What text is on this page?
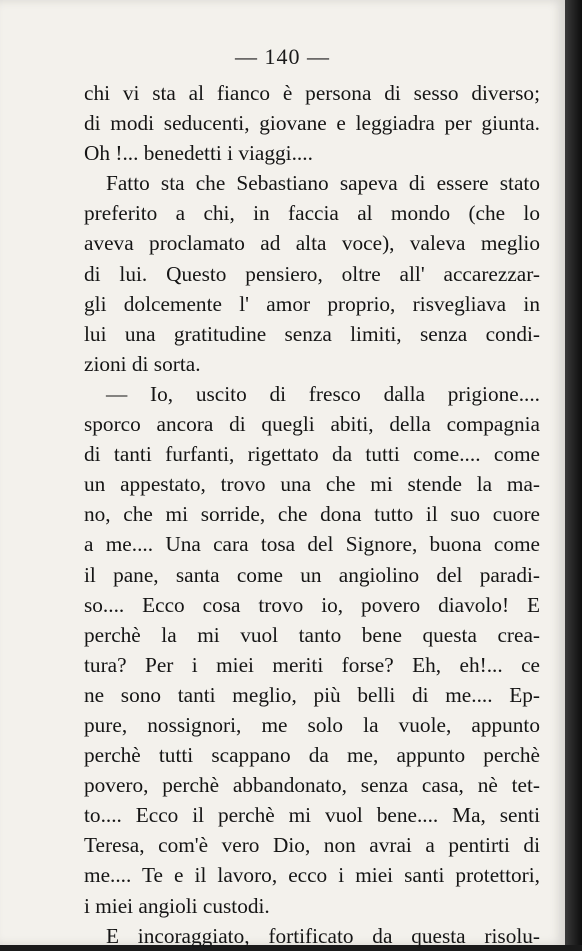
— 140 —
chi vi sta al fianco è persona di sesso diverso;
di modi seducenti, giovane e leggiadra per giunta.
Oh !... benedetti i viaggi....
Fatto sta che Sebastiano sapeva di essere stato
preferito a chi, in faccia al mondo (che lo
aveva proclamato ad alta voce), valeva meglio
di lui. Questo pensiero, oltre all' accarezzar-
gli dolcemente l' amor proprio, risvegliava in
lui una gratitudine senza limiti, senza condi-
zioni di sorta.
— Io, uscito di fresco dalla prigione....
sporco ancora di quegli abiti, della compagnia
di tanti furfanti, rigettato da tutti come.... come
un appestato, trovo una che mi stende la ma-
no, che mi sorride, che dona tutto il suo cuore
a me.... Una cara tosa del Signore, buona come
il pane, santa come un angiolino del paradi-
so.... Ecco cosa trovo io, povero diavolo! E
perchè la mi vuol tanto bene questa crea-
tura? Per i miei meriti forse? Eh, eh!... ce
ne sono tanti meglio, più belli di me.... Ep-
pure, nossignori, me solo la vuole, appunto
perchè tutti scappano da me, appunto perchè
povero, perchè abbandonato, senza casa, nè tet-
to.... Ecco il perchè mi vuol bene.... Ma, senti
Teresa, com'è vero Dio, non avrai a pentirti di
me.... Te e il lavoro, ecco i miei santi protettori,
i miei angioli custodi.
E incoraggiato, fortificato da questa risolu-
